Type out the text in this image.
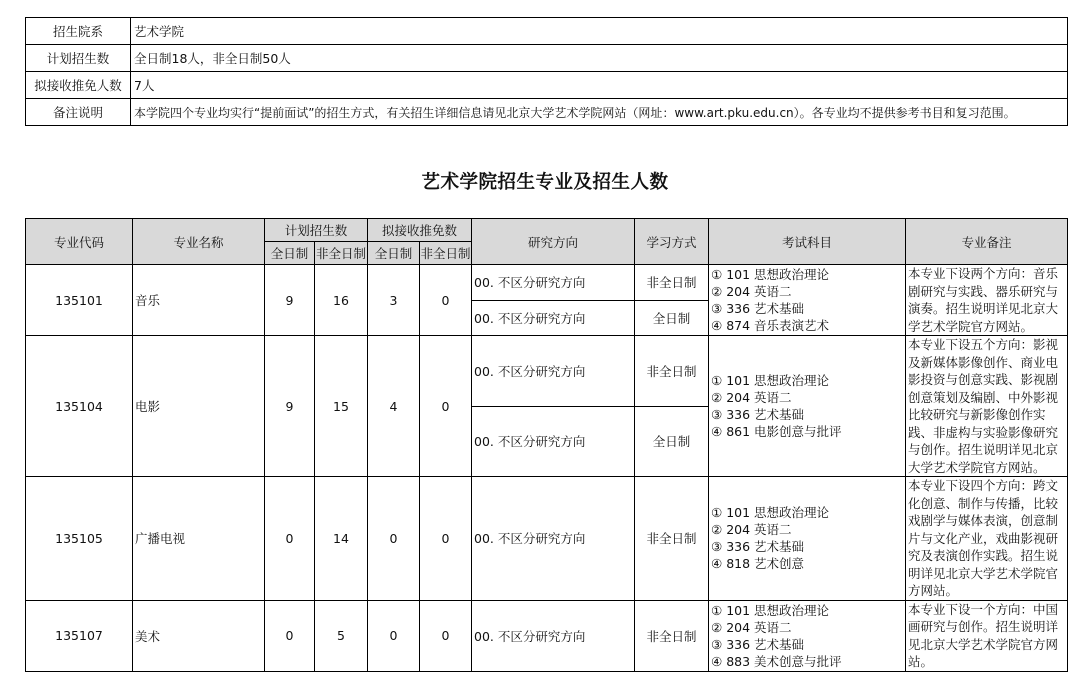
招生院系	艺术学院
计划招生数	全日制18人，非全日制50人
拟接收推免人数	7人
备注说明	本学院四个专业均实行“提前面试”的招生方式，有关招生详细信息请见北京大学艺术学院网站（网址：www.art.pku.edu.cn）。各专业均不提供参考书目和复习范围。
艺术学院招生专业及招生人数
专业代码	专业名称	计划招生数		拟接收推免数		研究方向	学习方式	考试科目	专业备注
		全日制	非全日制	全日制	非全日制				
135101	音乐	9	16	3	0	00. 不区分研究方向	非全日制	① 101 思想政治理论
② 204 英语二
③ 336 艺术基础
④ 874 音乐表演艺术	本专业下设两个方向：音乐剧研究与实践、器乐研究与演奏。招生说明详见北京大学艺术学院官方网站。
						00. 不区分研究方向	全日制		
135104	电影	9	15	4	0	00. 不区分研究方向	非全日制	① 101 思想政治理论
② 204 英语二
③ 336 艺术基础
④ 861 电影创意与批评	本专业下设五个方向：影视及新媒体影像创作、商业电影投资与创意实践、影视剧创意策划及编剧、中外影视比较研究与新影像创作实践、非虚构与实验影像研究与创作。招生说明详见北京大学艺术学院官方网站。
						00. 不区分研究方向	全日制		
135105	广播电视	0	14	0	0	00. 不区分研究方向	非全日制	① 101 思想政治理论
② 204 英语二
③ 336 艺术基础
④ 818 艺术创意	本专业下设四个方向：跨文化创意、制作与传播，比较戏剧学与媒体表演，创意制片与文化产业，戏曲影视研究及表演创作实践。招生说明详见北京大学艺术学院官方网站。
135107	美术	0	5	0	0	00. 不区分研究方向	非全日制	① 101 思想政治理论
② 204 英语二
③ 336 艺术基础
④ 883 美术创意与批评	本专业下设一个方向：中国画研究与创作。招生说明详见北京大学艺术学院官方网站。
